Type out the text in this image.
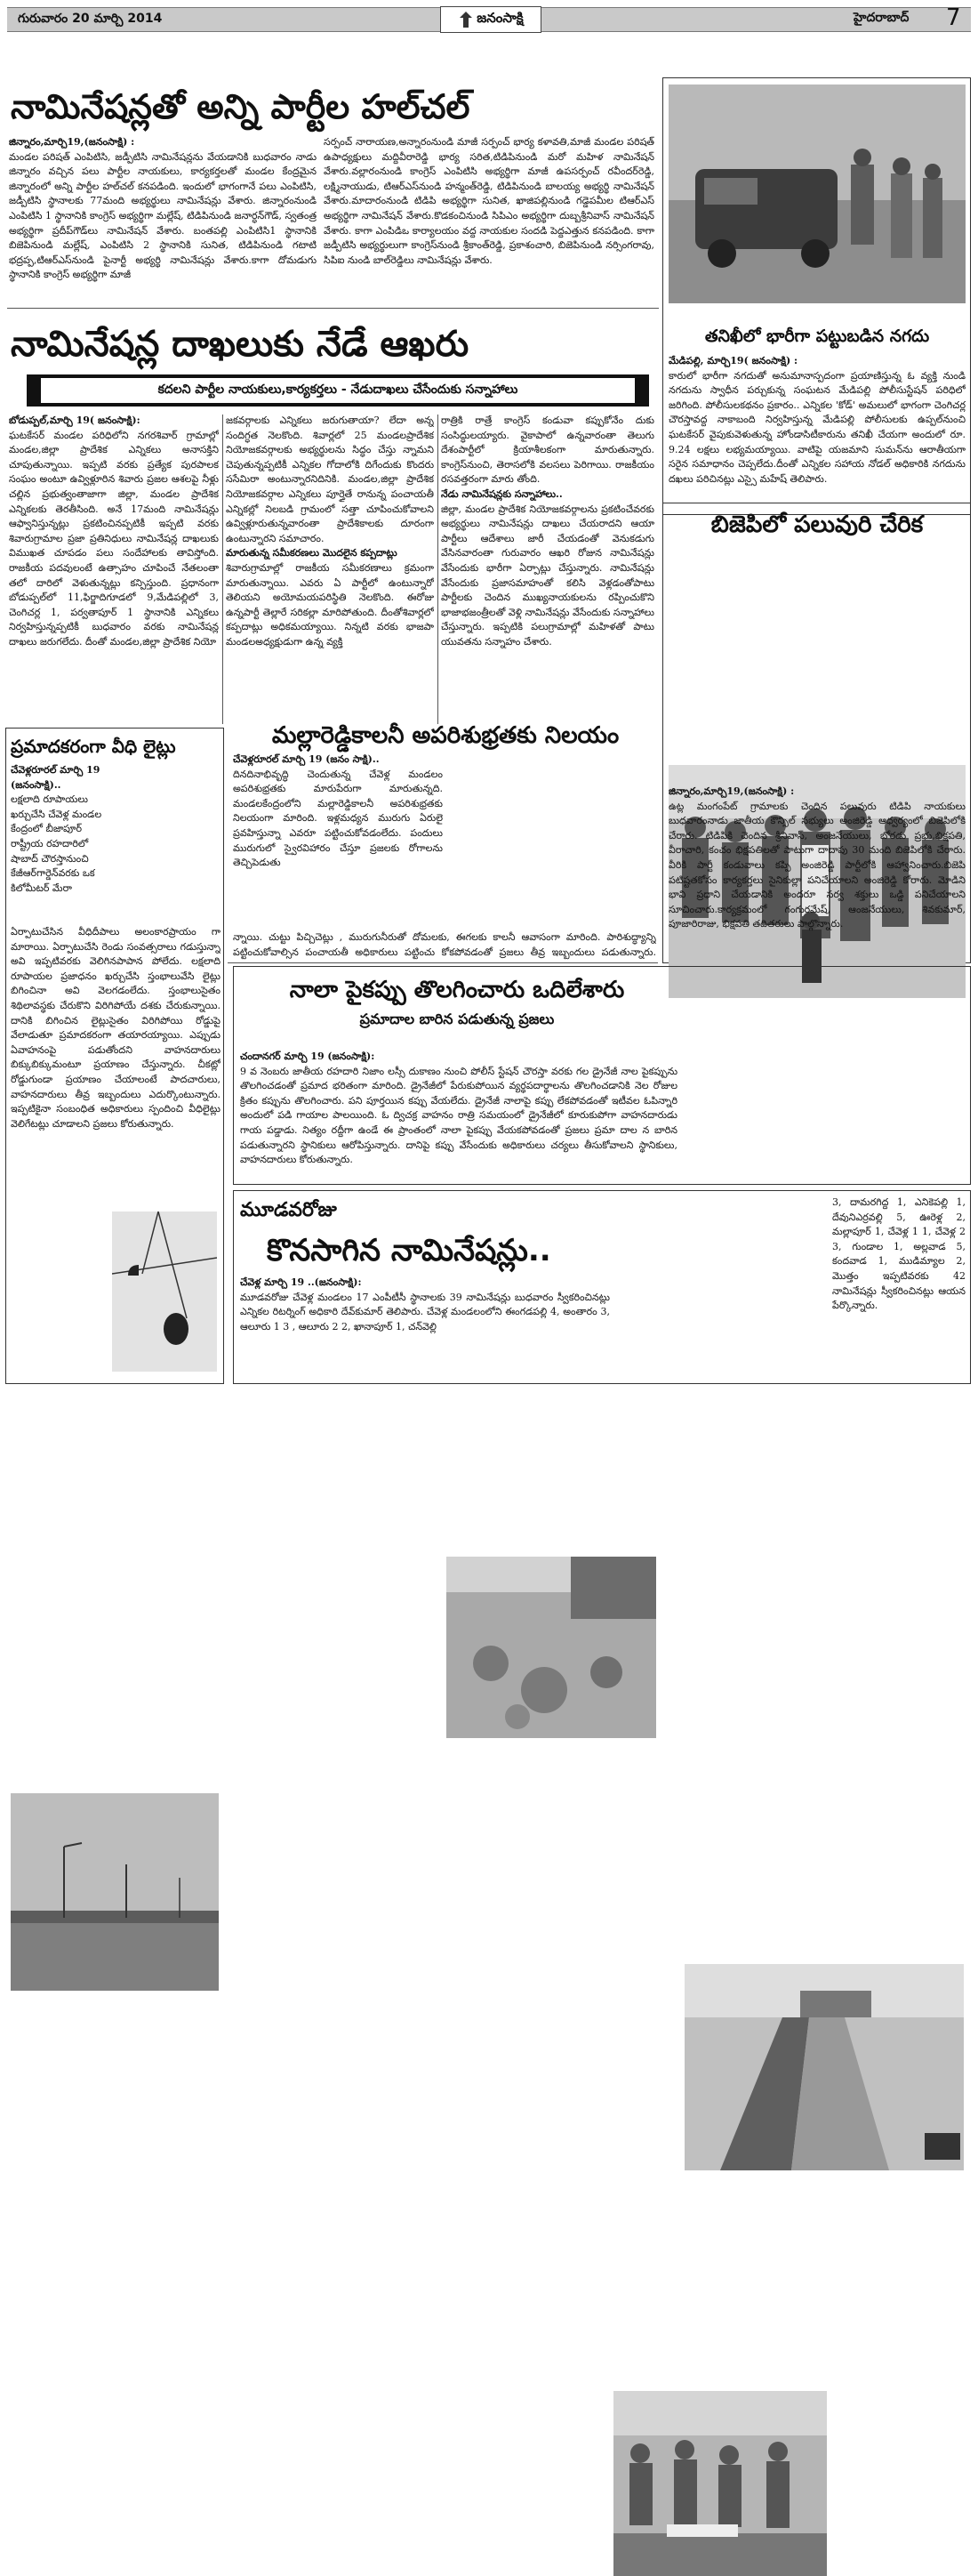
గురువారం 20 మార్చి 2014	జనంసాక్షి	హైదరాబాద్ 7
నామినేషన్లతో అన్ని పార్టీల హల్‌చల్

జిన్నారం,మార్చి19,(జనంసాక్షి) :

మండల పరిషత్ ఎంపిటిసి, జడ్పీటిసి నామినేషన్లను వేయడానికి బుధవారం నాడు జిన్నారం వచ్చిన పలు పార్టీల నాయకులు, కార్యకర్తలతో మండల కేంద్రమైన జిన్నారంలో అన్ని పార్టీల హల్‌చల్ కనపడింది. ఇందులో భాగంగానే పలు ఎంపిటిసి, జడ్పీటిసి స్థానాలకు 77మంది అభ్యర్థులు నామినేషన్లు వేశారు. జిన్నారంనుండి ఎంపిటిసి 1 స్థానానికి కాంగ్రెస్ అభ్యర్థిగా మల్లేష్, టిడిపినుండి జనార్ధన్‌గౌడ్, స్వతంత్ర అభ్యర్థిగా ప్రదీప్‌గౌడ్‌లు నామినేషన్ వేశారు. బంతపల్లి ఎంపిటిసి1 స్థానానికి బిజెపినుండి మల్లేష్, ఎంపిటిసి 2 స్థానానికి సునిత, టిడిపినుండి గటాటి భద్రప్ప,టిఆర్‌ఎస్‌నుండి పైనార్టీ అభ్యర్థి నామినేషన్లు వేశారు.కాగా దోమడుగు స్థానానికి కాంగ్రెస్ అభ్యర్థిగా మాజీ

సర్పంచ్ నారాయణ,అన్నారంనుండి మాజీ సర్పంచ్ భార్య కళావతి,మాజీ మండల పరిషత్ ఉపాధ్యక్షులు మద్దివీరారెడ్డి భార్య సరిత,టిడిపినుండి మరో మహిళ నామినేషన్ వేశారు.వల్లారంనుండి కాంగ్రెస్ ఎంపిటిసి అభ్యర్థిగా మాజీ ఉపసర్పంచ్ రవీందర్‌రెడ్డి, లక్ష్మినాయుడు, టిఆర్‌ఎస్‌నుండి హన్మంత్‌రెడ్డి, టిడిపినుండి బాలయ్య అభ్యర్థి నామినేషన్ వేశారు.మాదారంనుండి టిడిపి అభ్యర్థిగా సునిత, ఖాజిపల్లినుండి గడ్డెపమీల టిఆర్‌ఎస్ అభ్యర్థిగా నామినేషన్ వేశారు.కొడకంచినుండి సిపిఎం అభ్యర్థిగా దుబ్బశ్రీనివాస్ నామినేషన్ వేశారు. కాగా ఎంపిడిఒ కార్యాలయం వద్ద నాయకుల సందడి పెద్దఎత్తున కనపడింది. కాగా జడ్పీటిసి అభ్యర్థులుగా కాంగ్రెస్‌నుండి శ్రీకాంత్‌రెడ్డి, ప్రకాశంచారి, బిజెపినుండి నర్సింగరావు, సిపిఐ నుండి బాల్‌రెడ్డిలు నామినేషన్లు వేశారు.
తనిఖీలో భారీగా పట్టుబడిన నగదు

మేడిపల్లి, మార్చి19( జనంసాక్షి) :

కారులో భారీగా నగదుతో అనుమానాస్పదంగా ప్రయాణిస్తున్న ఓ వ్యక్తి నుండి నగదును స్వాధీన పర్చుకున్న సంఘటన మేడిపల్లి పోలీసుస్టేషన్ పరిధిలో జరిగింది. పోలీసులకథనం ప్రకారం.. ఎన్నికల 'కోడ్' అమలులో భాగంగా చెంగిచర్ల చౌరస్తావద్ద నాకాబంది నిర్వహిస్తున్న మేడిపల్లి పోలీసులకు ఉప్పల్‌నుంచి ఘటకేసర్ వైపుకువెళుతున్న హోండాసిటీకారును తనిఖీ చేయగా అందులో రూ. 9.24 లక్షలు లభ్యమయ్యాయి. వాటిపై యజమాని సుమన్‌ను ఆరాతీయగా సరైన సమాధానం చెప్పలేదు.దీంతో ఎన్నికల సహాయ నోడల్ అధికారికి నగదును దఖలు పరిచినట్లు ఎస్సై మహేష్ తెలిపారు.

నామినేషన్ల దాఖలుకు నేడే ఆఖరు
కదలని పార్టీల నాయకులు,కార్యకర్తలు - నేడుదాఖలు చేసేందుకు సన్నాహాలు

బోడుప్పల్,మార్చి 19( జనంసాక్షి):

ఘటకేసర్ మండల పరిధిలోని నగరశివార్ గ్రామాల్లో మండల,జిల్లా ప్రాదేశిక ఎన్నికలు అనాసక్తిని చూపుతున్నాయి. ఇప్పటి వరకు ప్రత్యేక పురపాలక సంఘం అంటూ ఉవ్విళ్లూరిన శివారు ప్రజల ఆశలపై నీళ్లు చల్లిన ప్రభుత్వంతాజాగా జిల్లా, మండల ప్రాదేశిక ఎన్నికలకు తెరతీసింది. అనే 17మంది నామినేషన్లు ఆఫ్వానిస్తున్నట్లు ప్రకటించినప్పటికీ ఇప్పటి వరకు శివారుగ్రామాల ప్రజా ప్రతినిధులు నామినేషన్ల దాఖలుకు విముఖత చూపడం పలు సందేహాలకు తావిస్తోంది. రాజకీయ పదవులంటే ఉత్సాహం చూపించే నేతలంతా తలో దారిలో వెళుతున్నట్లు కన్పిస్తుంది. ప్రధానంగా బోడుప్పల్‌లో 11,ఫిర్జాదిగూడలో 9,మేడిపల్లిలో 3, చెంగిచర్ల 1, పర్వతాపూర్ 1 స్థానానికి ఎన్నికలు నిర్వహిస్తున్నప్పటికీ బుధవారం వరకు నామినేషన్ల దాఖలు జరుగలేదు. దీంతో మండల,జిల్లా ప్రాదేశిక నియో

జకవర్గాలకు ఎన్నికలు జరుగుతాయా? లేదా అన్న సందిగ్ధత నెలకొంది. శివార్లలో 25 మండలప్రాదేశిక నియోజకవర్గాలకు అభ్యర్థులను సిద్ధం చేస్తు న్నామని చెపుతున్నప్పటికీ ఎన్నికల గోదాలోకి దిగేందుకు కొందరు ససేమిరా అంటున్నారనిదినికి. మండల,జిల్లా ప్రాదేశిక నియోజకవర్గాల ఎన్నికలు పూర్తైతే రానున్న పంచాయతీ ఎన్నికల్లో నిలబడి గ్రామంలో సత్తా చూపించుకోవాలని ఉవ్విళ్లూరుతున్నవారంతా ప్రాదేశికాలకు దూరంగా ఉంటున్నారని సమాచారం.

మారుతున్న సమీకరణలు మొదలైన కప్పదాట్లు

శివారుగ్రామాల్లో రాజకీయ సమీకరణాలు క్రమంగా మారుతున్నాయి. ఎవరు ఏ పార్టీలో ఉంటున్నారో తెలియని అయోమయపరిస్థితి నెలకొంది. ఈరోజు ఉన్నపార్టీ తెల్లారే సరికల్లా మారిపోతుంది. దీంతోశివార్లలో కప్పదాట్లు అధికమయ్యాయి. నిన్నటి వరకు భాజపా మండలఅధ్యక్షుడుగా ఉన్న వ్యక్తి

రాత్రికి రాత్రే కాంగ్రెస్ కండువా కప్పుకోనేం దుకు సంసిద్ధులయ్యారు. వైకాపాలో ఉన్నవారంతా తెలుగు దేశంపార్టీలో క్రియాశీలకంగా మారుతున్నారు. కాంగ్రెస్‌నుంచి, తెరాసలోకి వలసలు పెరిగాయి. రాజకీయం రసవత్తరంగా మారు తోంది.

నేడు నామినేషన్లకు సన్నాహాలు..

జిల్లా, మండల ప్రాదేశిక నియోజకవర్గాలను ప్రకటించేవరకు అభ్యర్థులు నామినేషన్లు దాఖలు చేయరాదని ఆయా పార్టీలు ఆదేశాలు జారీ చేయడంతో వెనుకడుగు వేసినవారంతా గురువారం ఆఖరి రోజున నామినేషన్లు వేసేందుకు భారీగా ఏర్పాట్లు చేస్తున్నారు. నామినేషన్లు వేసేందుకు ప్రజాసమాహంతో కలిసి వెళ్లడంతోపాటు పార్టీలకు చెందిన ముఖ్యనాయకులను రప్పించుకొని భాజాభజంత్రీలతో వెళ్లి నామినేషన్లు వేసేందుకు సన్నాహాలు చేస్తున్నారు. ఇప్పటికి పలుగ్రామాల్లో మహిళతో పాటు యువతను సన్నాహం చేశారు.

బిజెపిలో పలువురి చేరిక

జిన్నారం,మార్చి19,(జనంసాక్షి) :

ఉట్ల మంగంపేట్ గ్రామాలకు చెందిన పలువురు టిడిపి నాయకులు బుధవారంనాడు జాతీయ కౌన్సిల్ సభ్యులు అంజిరెడ్డి ఆధ్వర్యంలో బిజెపిలోకి చేరారు. టిడిపికి చెందిన శ్రీనివాస్, అంజనేయులు, బోరడు ప్రభు,భిక్షపతి, వీరాచారి, కంచం భిక్షపతిలతో పాటుగా దాదాపు 30 మంది బిజెపిలోకి చేరారు. వీరికి పార్టీ కండువాలు కప్పి అంజిరెడ్డి పార్టీలోకి ఆహ్వానించారు.బిజెపి పటిష్టతకోసం కార్యకర్తలు సైనికుల్లా పనిచేయాలని అంజిరెడ్డి కోరారు. మోడిని భావి ప్రధాని చేయడానికి అందరూ సర్వ శక్తులు ఒడ్డి పనిచేయాలని సూచించారు.కార్యక్రమంలో గంగురమేష్, ఆంజనేయులు, శివకుమార్, పూజారిరాజు, భిక్షపతి తదితరులు పాల్గొన్నారు.

ప్రమాదకరంగా వీధి లైట్లు

చేవెళ్లరూరల్ మార్చి 19 (జనంసాక్షి)..

లక్షలాది రూపాయలు ఖర్చుచేసి చేవెళ్ల మండల కేంద్రంలో బీజాపూర్ రాష్ట్రీయ రహదారిలో షాబాద్ చౌరస్తానుంచి కేజీఆర్‌గార్డెన్‌వరకు ఒక కిలోమీటర్ మేరా

ఏర్పాటుచేసిన వీధిదీపాలు అలంకారప్రాయం గా మారాయి. ఏర్పాటుచేసి రెండు సంవత్సరాలు గడుస్తున్నా అవి ఇప్పటివరకు వెలిగినపాపాన పోలేదు. లక్షలాది రూపాయల ప్రజాధనం ఖర్చుచేసి స్తంభాలువేసి లైట్లు బిగించినా అవి వెలగడంలేదు. స్తంభాలుసైతం శిథిలావస్థకు చేరుకొని విరిగిపోయే దశకు చేరుకున్నాయి. దానికి బిగించిన లైట్లుసైతం విరిగిపోయి రోడ్డుపై వేలాడుతూ ప్రమాదకరంగా తయారయ్యాయి. ఎప్పుడు ఏవాహనంపై పడుతోందని వాహనదారులు బిక్కుబిక్కుమంటూ ప్రయాణం చేస్తున్నారు. చీకట్లో రోడ్డుగుండా ప్రయాణం చేయాలంటే పాదచారులు, వాహనదారులు తీవ్ర ఇబ్బందులు ఎదుర్కొంటున్నారు. ఇప్పటికైనా సంబంధిత అధికారులు స్పందించి వీధిలైట్లు వెలిగేటట్లు చూడాలని ప్రజలు కోరుతున్నారు.
మల్లారెడ్డికాలనీ అపరిశుభ్రతకు నిలయం

చేవెళ్లరూరల్ మార్చి 19 (జనం సాక్షి)..

దినదినాభివృద్ధి చెందుతున్న చేవెళ్ల మండలం అపరిశుభ్రతకు మారుపేరుగా మారుతున్నది. మండలకేంద్రంలోని మల్లారెడ్డికాలనీ అపరిశుభ్రతకు నిలయంగా మారింది. ఇళ్లమధ్యన మురుగు ఏరులై ప్రవహిస్తున్నా ఎవరూ పట్టించుకోవడంలేదు. పందులు మురుగులో స్వైరవిహారం చేస్తూ ప్రజలకు రోగాలను తెచ్చిపెడుతు

న్నాయి. చుట్టు పిచ్చిచెట్లు , మురుగునీరుతో దోమలకు, ఈగలకు కాలనీ ఆవాసంగా మారింది. పారిశుద్ధ్యాన్ని పట్టించుకోవాల్సిన పంచాయతీ అధికారులు పట్టించు కోకపోవడంతో ప్రజలు తీవ్ర ఇబ్బందులు పడుతున్నారు.
నాలా పైకప్పు తొలగించారు ఒదిలేశారు
ప్రమాదాల బారిన పడుతున్న ప్రజలు

చందానగర్ మార్చి 19 (జనంసాక్షి):

9 వ నెంబరు జాతీయ రహదారి నిజాం లస్సీ దుకాణం నుంచి పోలీస్ స్టేషన్ చౌరస్తా వరకు గల డ్రైనేజీ నాల పైకప్పును తొలగించడంతో ప్రమాద భరితంగా మారింది. డ్రైనేజీలో పేరుకుపోయిన వ్యర్థపదార్థాలను తొలగించడానికి నెల రోజుల క్రితం కప్పును తొలగించారు. పని పూర్తయిన కప్పు వేయలేదు. డ్రైనేజీ నాలాపై కప్పు లేకపోవడంతో ఇటీవల ఓపిన్నారి అందులో పడి గాయాల పాలయింది. ఓ ద్విచక్ర వాహనం రాత్రి సమయంలో డ్రైనేజీలో కూరుకుపోగా వాహనదారుడు గాయ పడ్డాడు. నిత్యం రద్దీగా ఉండే ఈ ప్రాంతంలో నాలా పైకప్పు వేయకపోవడంతో ప్రజలు ప్రమా దాల న బారిన పడుతున్నారని స్థానికులు ఆరోపిస్తున్నారు. దానిపై కప్పు వేసేందుకు అధికారులు చర్యలు తీసుకోవాలని స్థానికులు, వాహనదారులు కోరుతున్నారు.

మూడవరోజు
కొనసాగిన నామినేషన్లు..

చేవెళ్ల మార్చి 19 ..(జనంసాక్షి):

మూడవరోజు చేవెళ్ల మండలం 17 ఎంపీటీసీ స్థానాలకు 39 నామినేషన్లు బుధవారం స్వీకరించినట్లు ఎన్నికల రిటర్నింగ్ అధికారి దేవ్‌కుమార్ తెలిపారు. చేవెళ్ల మండలంలోని ఈంగడపల్లి 4, అంతారం 3, ఆలూరు 1 3 , ఆలూరు 2 2, ఖానాపూర్ 1, చన్‌వెల్లి

3, దామరగిద్ద 1, ఎనికెపల్లి 1, దేవునిఎర్రవల్లి 5, ఊరెళ్ల 2, మల్లాపూర్ 1, చేవెళ్ల 1 1, చేవెళ్ల 2 3, గుండాల 1, అల్లవాడ 5, కందవాడ 1, ముడిమ్యాల 2, మొత్తం ఇప్పటివరకు 42 నామినేషన్లు స్వీకరించినట్లు ఆయన పేర్కొన్నారు.
